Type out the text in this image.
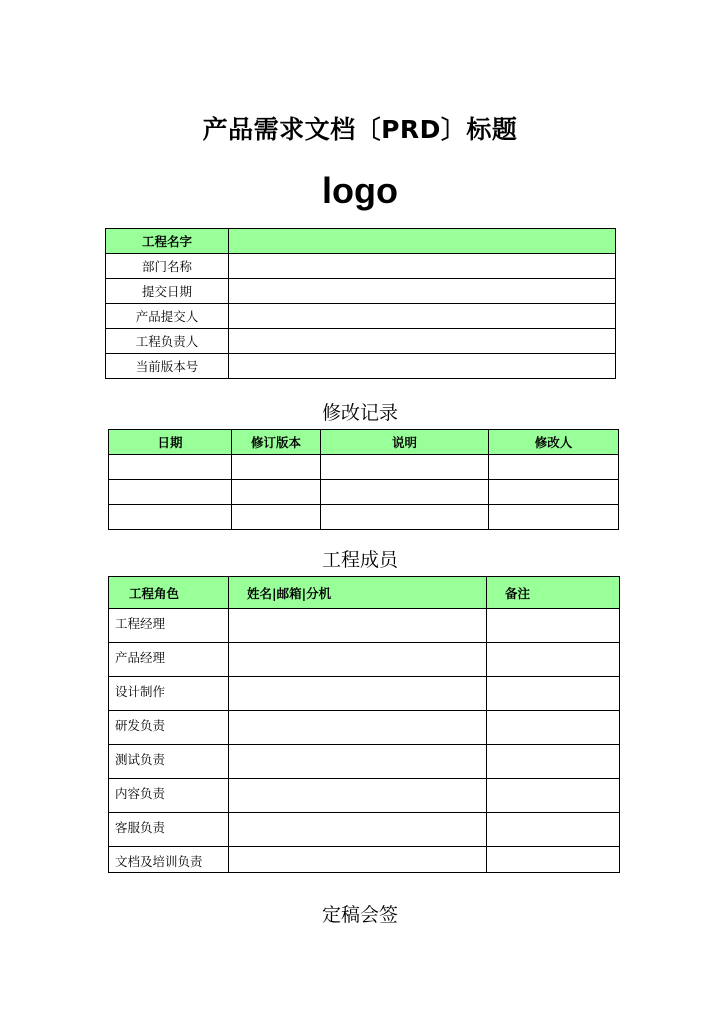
产品需求文档〔PRD〕标题
logo
工程名字	
部门名称	
提交日期	
产品提交人	
工程负责人	
当前版本号	
修改记录
日期	修订版本	说明	修改人

工程成员
工程角色	姓名|邮箱|分机	备注
工程经理		
产品经理		
设计制作		
研发负责		
测试负责		
内容负责		
客服负责		
文档及培训负责		
定稿会签
